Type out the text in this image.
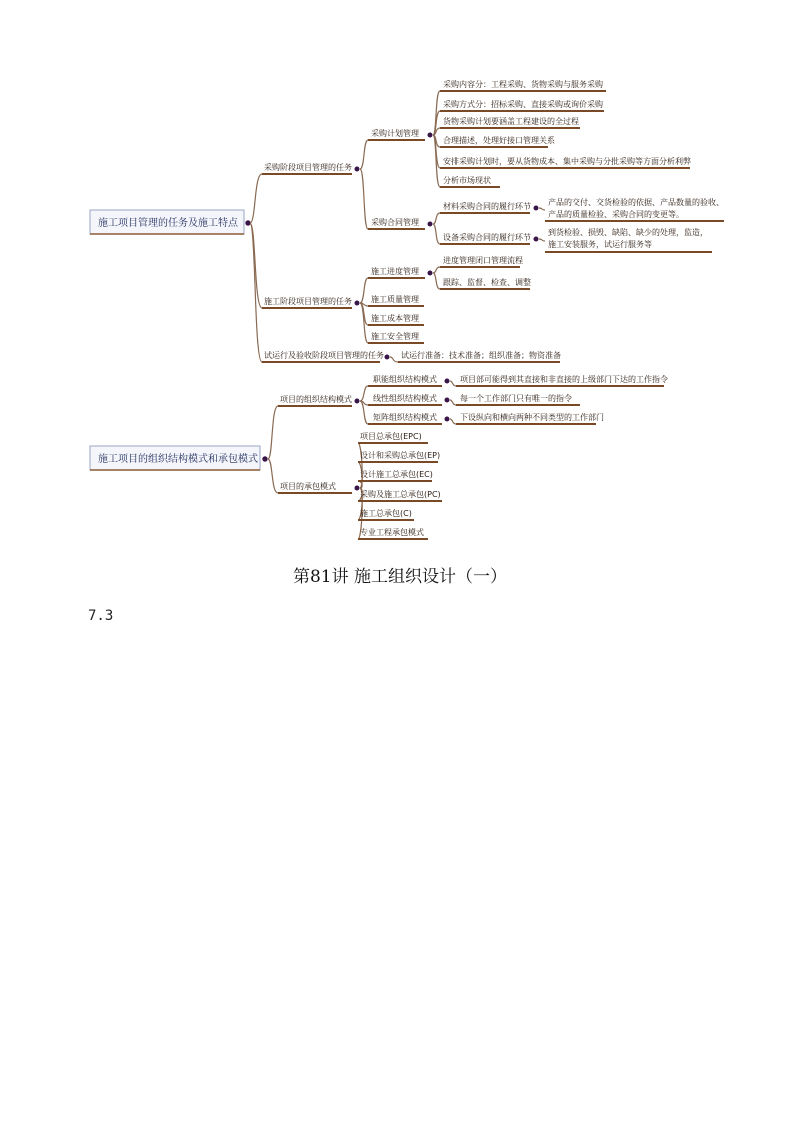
施工项目管理的任务及施工特点
采购阶段项目管理的任务
采购计划管理
采购内容分：工程采购、货物采购与服务采购
采购方式分：招标采购、直接采购或询价采购
货物采购计划要涵盖工程建设的全过程
合理描述，处理好接口管理关系
安排采购计划时，要从货物成本、集中采购与分批采购等方面分析利弊
分析市场现状
采购合同管理
材料采购合同的履行环节 产品的交付、交货检验的依据、产品数量的验收、
产品的质量检验、采购合同的变更等。
设备采购合同的履行环节
到货检验、损毁、缺陷、缺少的处理，监造，
施工安装服务，试运行服务等
施工阶段项目管理的任务
施工进度管理
进度管理闭口管理流程
跟踪、监督、检查、调整
施工质量管理
施工成本管理
施工安全管理
试运行及验收阶段项目管理的任务 试运行准备：技术准备；组织准备；物资准备
施工项目的组织结构模式和承包模式
项目的组织结构模式
职能组织结构模式	项目部可能得到其直接和非直接的上级部门下达的工作指令
线性组织结构模式	每一个工作部门只有唯一的指令
矩阵组织结构模式	下设纵向和横向两种不同类型的工作部门
项目的承包模式
项目总承包(EPC)
设计和采购总承包(EP)
设计施工总承包(EC)
采购及施工总承包(PC)
施工总承包(C)
专业工程承包模式
第81讲 施工组织设计（一）
7.3
